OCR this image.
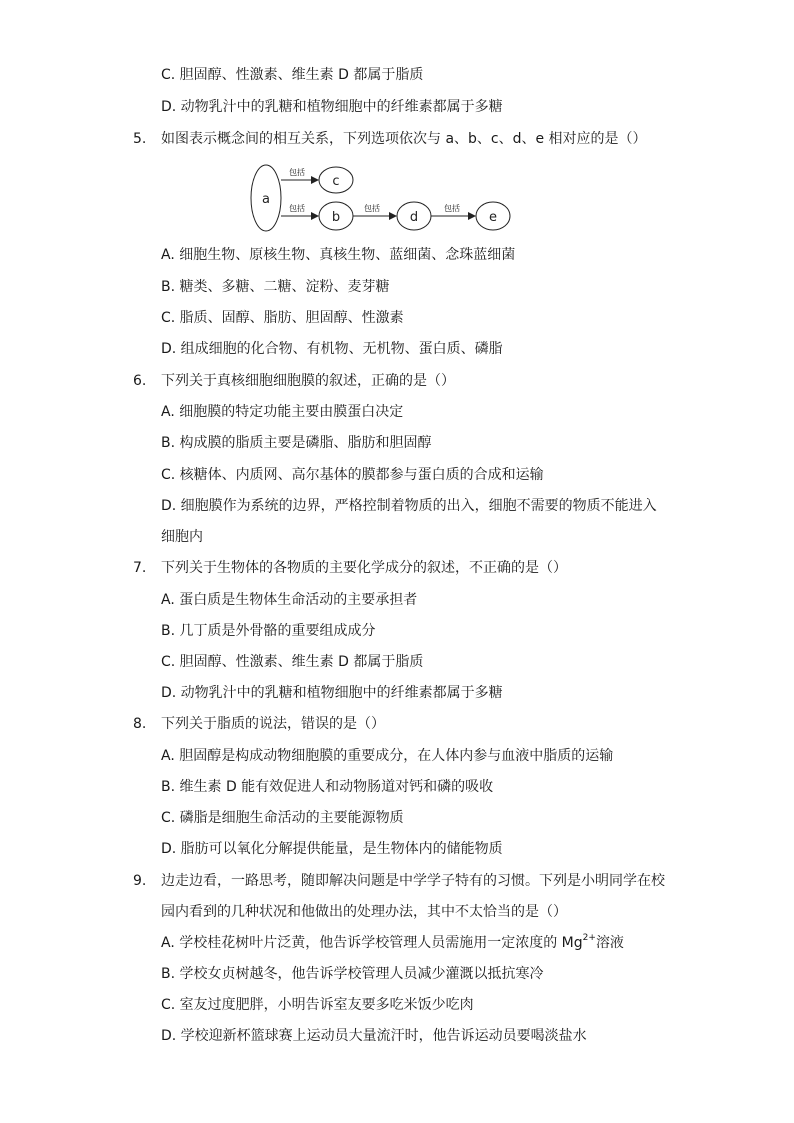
C. 胆固醇、性激素、维生素 D 都属于脂质
D. 动物乳汁中的乳糖和植物细胞中的纤维素都属于多糖
5. 如图表示概念间的相互关系，下列选项依次与 a、b、c、d、e 相对应的是（）
a
c
b	d	e
包括
包括	包括	包括
A. 细胞生物、原核生物、真核生物、蓝细菌、念珠蓝细菌
B. 糖类、多糖、二糖、淀粉、麦芽糖
C. 脂质、固醇、脂肪、胆固醇、性激素
D. 组成细胞的化合物、有机物、无机物、蛋白质、磷脂
6. 下列关于真核细胞细胞膜的叙述，正确的是（）
A. 细胞膜的特定功能主要由膜蛋白决定
B. 构成膜的脂质主要是磷脂、脂肪和胆固醇
C. 核糖体、内质网、高尔基体的膜都参与蛋白质的合成和运输
D. 细胞膜作为系统的边界，严格控制着物质的出入，细胞不需要的物质不能进入
细胞内
7. 下列关于生物体的各物质的主要化学成分的叙述，不正确的是（）
A. 蛋白质是生物体生命活动的主要承担者
B. 几丁质是外骨骼的重要组成成分
C. 胆固醇、性激素、维生素 D 都属于脂质
D. 动物乳汁中的乳糖和植物细胞中的纤维素都属于多糖
8. 下列关于脂质的说法，错误的是（）
A. 胆固醇是构成动物细胞膜的重要成分，在人体内参与血液中脂质的运输
B. 维生素 D 能有效促进人和动物肠道对钙和磷的吸收
C. 磷脂是细胞生命活动的主要能源物质
D. 脂肪可以氧化分解提供能量，是生物体内的储能物质
9. 边走边看，一路思考，随即解决问题是中学学子特有的习惯。下列是小明同学在校
园内看到的几种状况和他做出的处理办法，其中不太恰当的是（）
A. 学校桂花树叶片泛黄，他告诉学校管理人员需施用一定浓度的 $Mg^{2+}$溶液
B. 学校女贞树越冬，他告诉学校管理人员减少灌溉以抵抗寒冷
C. 室友过度肥胖，小明告诉室友要多吃米饭少吃肉
D. 学校迎新杯篮球赛上运动员大量流汗时，他告诉运动员要喝淡盐水
